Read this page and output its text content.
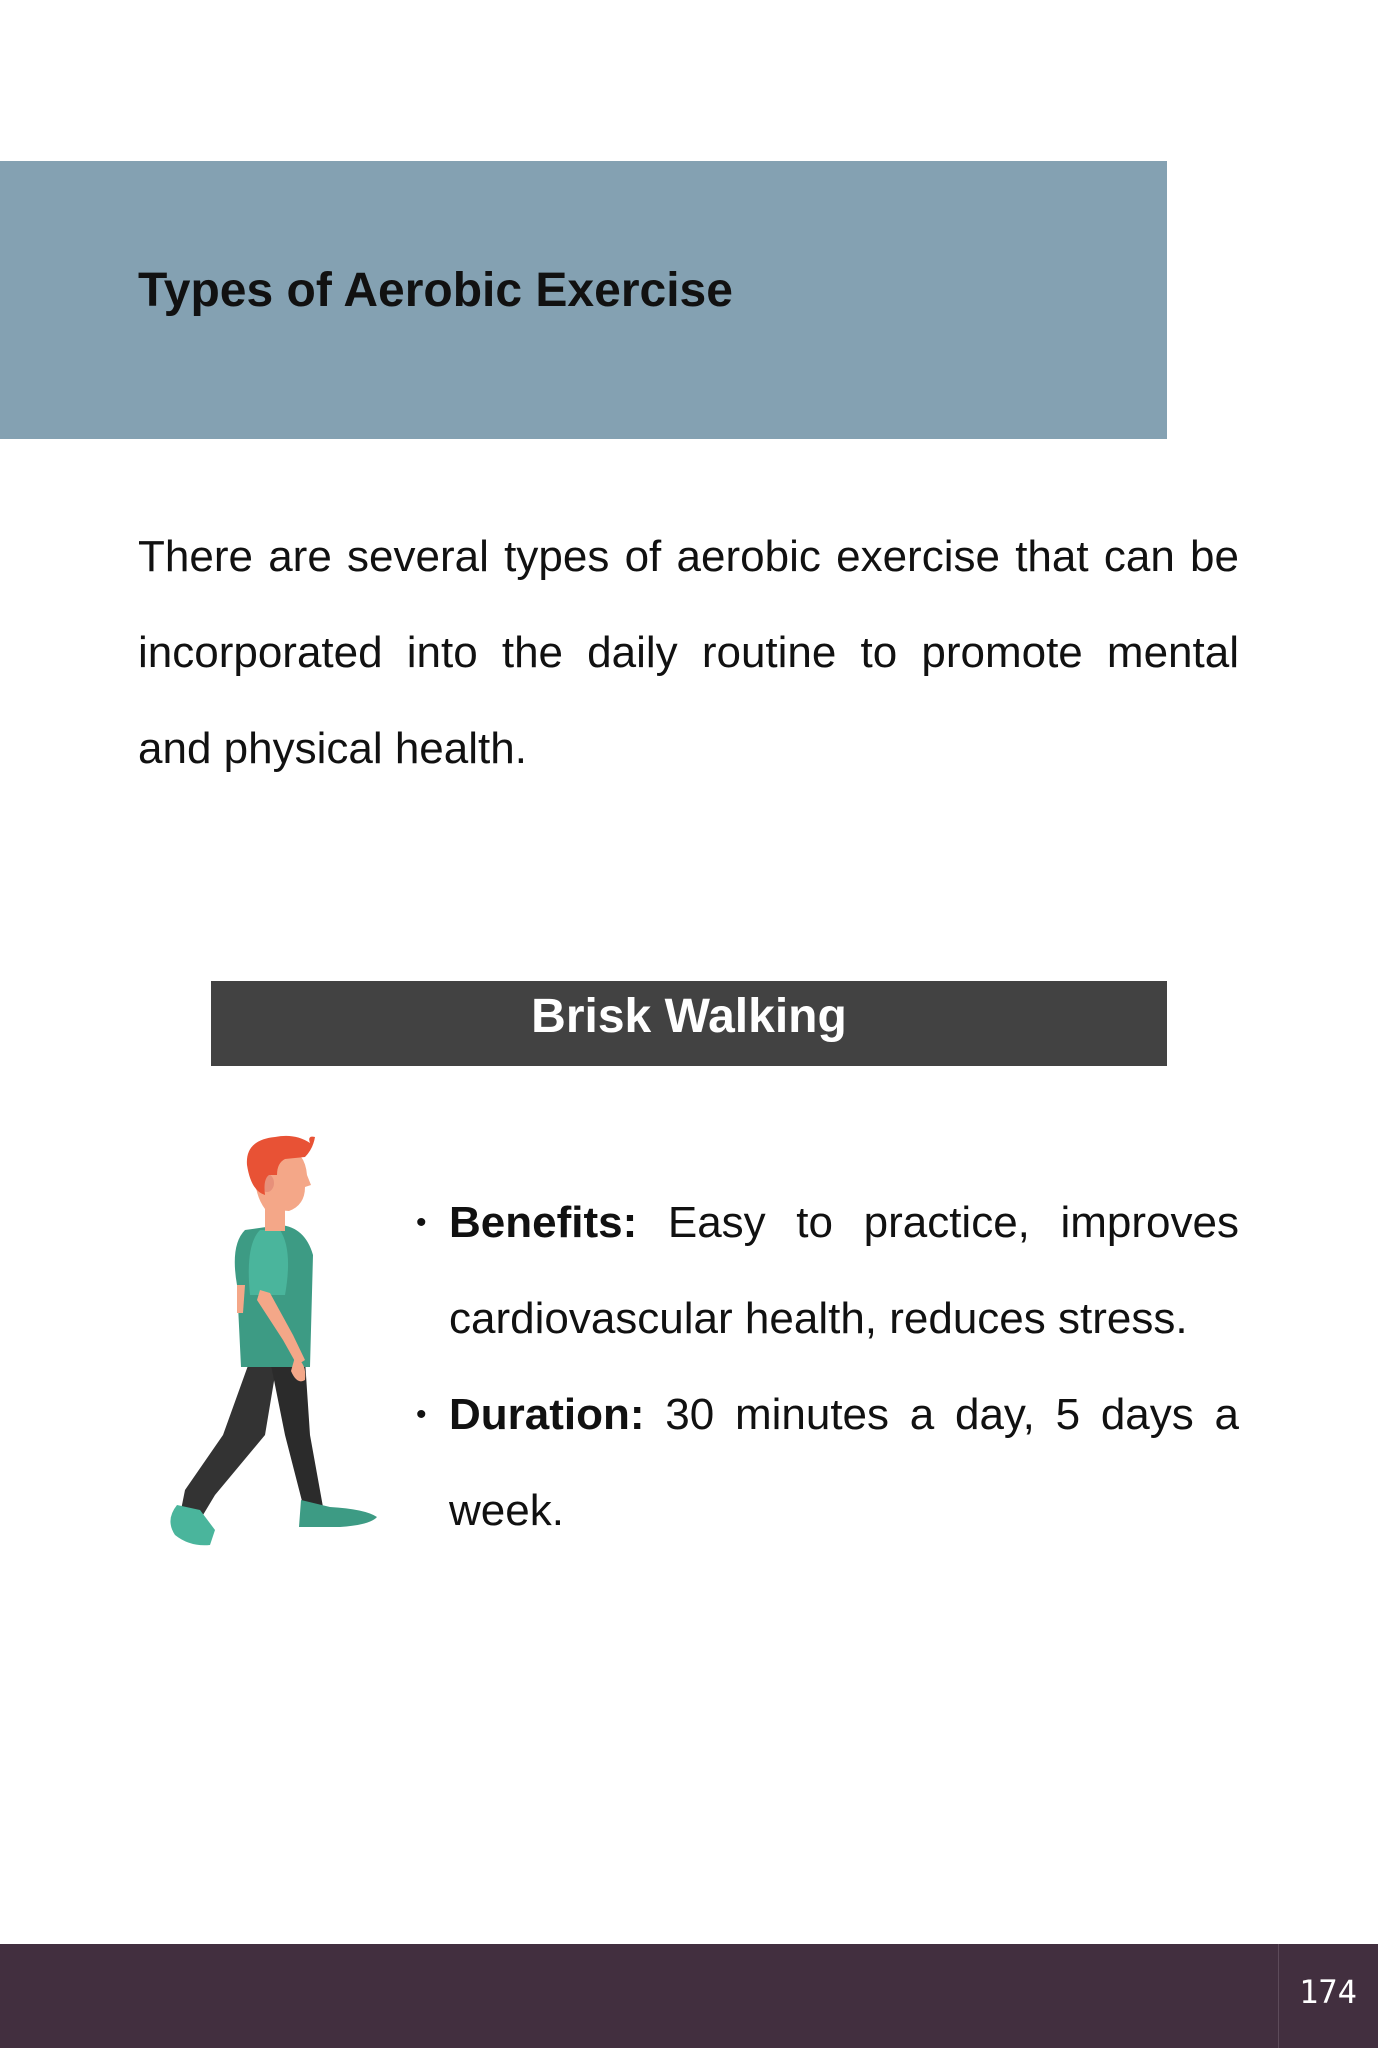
Types of Aerobic Exercise

There are several types of aerobic exercise that can be incorporated into the daily routine to promote mental and physical health.

Brisk Walking
• Benefits: Easy to practice, improves cardiovascular health, reduces stress.
• Duration: 30 minutes a day, 5 days a week.
174
